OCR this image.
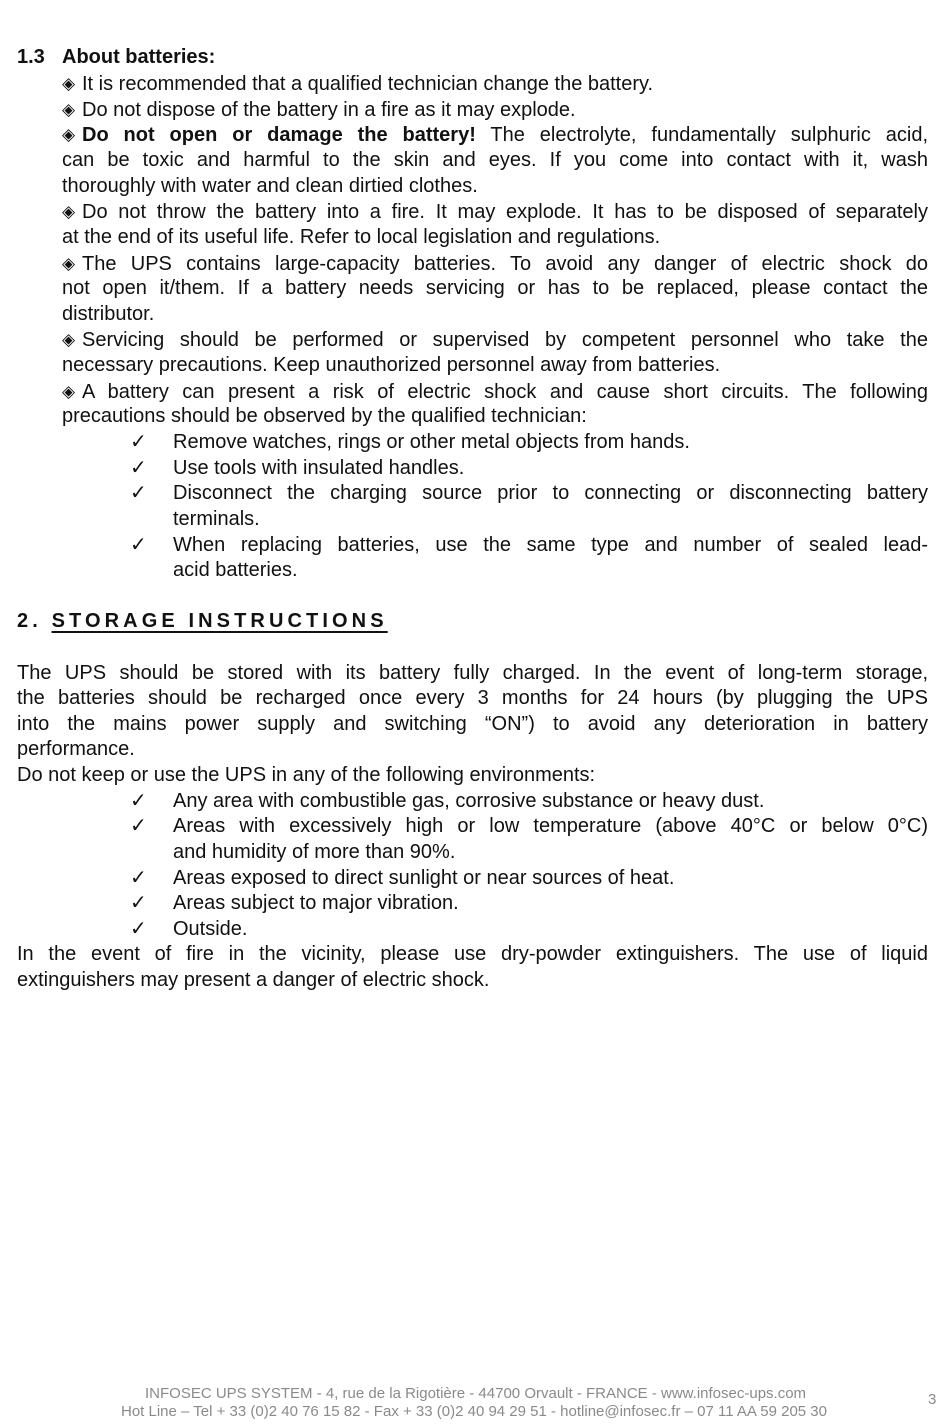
1.3 About batteries:
◈ It is recommended that a qualified technician change the battery.
◈ Do not dispose of the battery in a fire as it may explode.
◈ Do not open or damage the battery! The electrolyte, fundamentally sulphuric acid,
can be toxic and harmful to the skin and eyes. If you come into contact with it, wash
thoroughly with water and clean dirtied clothes.
◈ Do not throw the battery into a fire. It may explode. It has to be disposed of separately
at the end of its useful life. Refer to local legislation and regulations.
◈ The UPS contains large-capacity batteries. To avoid any danger of electric shock do
not open it/them. If a battery needs servicing or has to be replaced, please contact the
distributor.
◈ Servicing should be performed or supervised by competent personnel who take the
necessary precautions. Keep unauthorized personnel away from batteries.
◈ A battery can present a risk of electric shock and cause short circuits. The following
precautions should be observed by the qualified technician:
✓ Remove watches, rings or other metal objects from hands.
✓ Use tools with insulated handles.
✓ Disconnect the charging source prior to connecting or disconnecting battery
terminals.
✓ When replacing batteries, use the same type and number of sealed lead-
acid batteries.
2. STORAGE INSTRUCTIONS
The UPS should be stored with its battery fully charged. In the event of long-term storage,
the batteries should be recharged once every 3 months for 24 hours (by plugging the UPS
into the mains power supply and switching “ON”) to avoid any deterioration in battery
performance.
Do not keep or use the UPS in any of the following environments:
✓ Any area with combustible gas, corrosive substance or heavy dust.
✓ Areas with excessively high or low temperature (above 40°C or below 0°C)
and humidity of more than 90%.
✓ Areas exposed to direct sunlight or near sources of heat.
✓ Areas subject to major vibration.
✓ Outside.
In the event of fire in the vicinity, please use dry-powder extinguishers. The use of liquid
extinguishers may present a danger of electric shock.
INFOSEC UPS SYSTEM - 4, rue de la Rigotière - 44700 Orvault - FRANCE - www.infosec-ups.com
Hot Line – Tel + 33 (0)2 40 76 15 82 - Fax + 33 (0)2 40 94 29 51 - hotline@infosec.fr – 07 11 AA 59 205 30
3
